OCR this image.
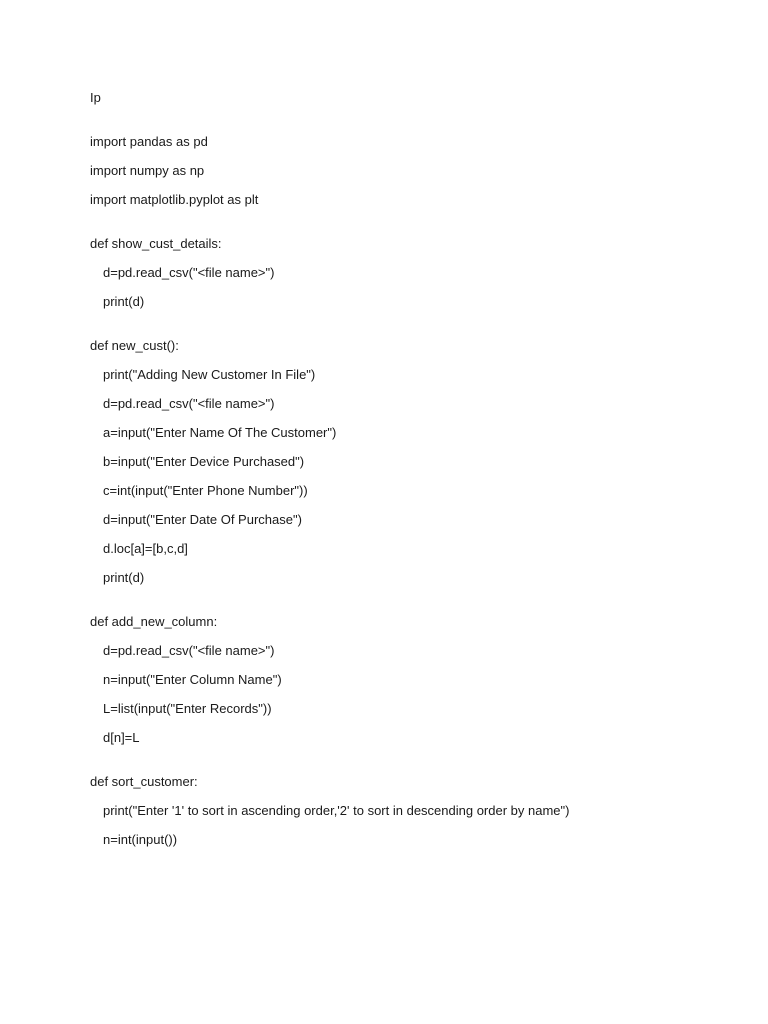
Ip

import pandas as pd

import numpy as np

import matplotlib.pyplot as plt

def show_cust_details:

d=pd.read_csv("<file name>")

print(d)

def new_cust():

print("Adding New Customer In File")

d=pd.read_csv("<file name>")

a=input("Enter Name Of The Customer")

b=input("Enter Device Purchased")

c=int(input("Enter Phone Number"))

d=input("Enter Date Of Purchase")

d.loc[a]=[b,c,d]

print(d)

def add_new_column:

d=pd.read_csv("<file name>")

n=input("Enter Column Name")

L=list(input("Enter Records"))

d[n]=L

def sort_customer:

print("Enter '1' to sort in ascending order,'2' to sort in descending order by name")

n=int(input())
